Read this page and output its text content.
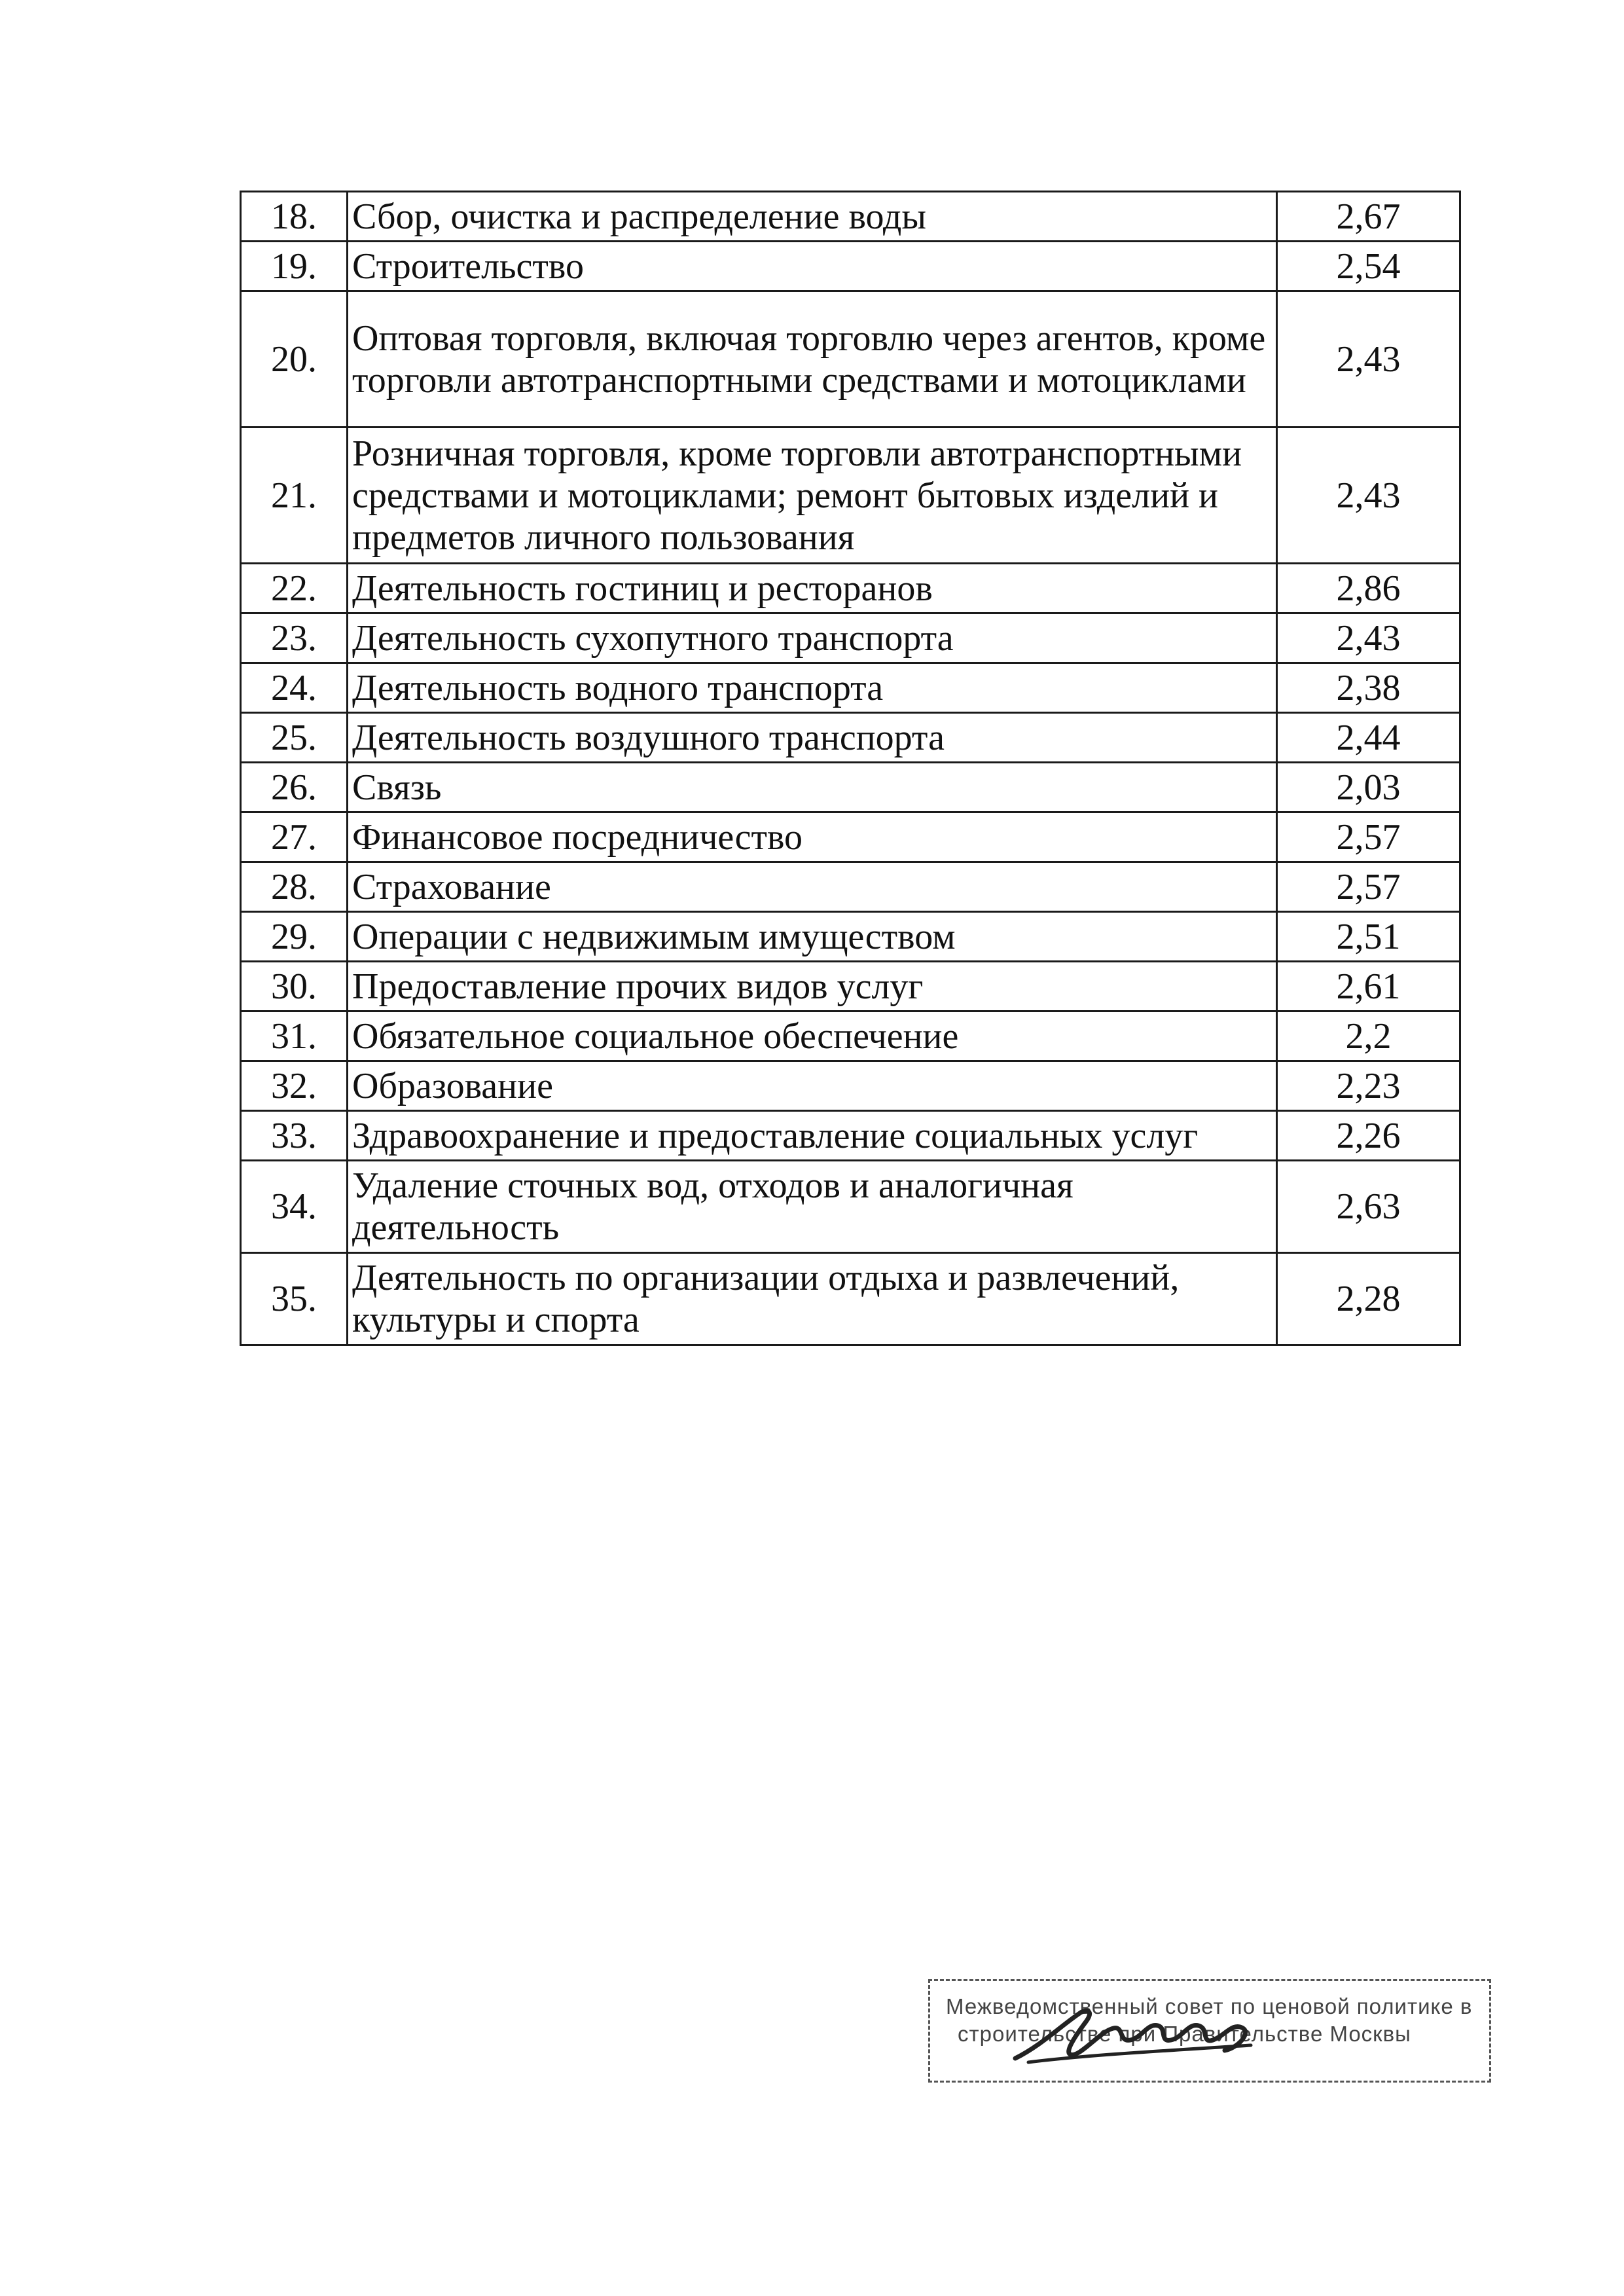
18.	Сбор, очистка и распределение воды	2,67
19.	Строительство	2,54
20.	Оптовая торговля, включая торговлю через агентов, кроме торговли автотранспортными средствами и мотоциклами	2,43
21.	Розничная торговля, кроме торговли автотранспортными средствами и мотоциклами; ремонт бытовых изделий и предметов личного пользования	2,43
22.	Деятельность гостиниц и ресторанов	2,86
23.	Деятельность сухопутного транспорта	2,43
24.	Деятельность водного транспорта	2,38
25.	Деятельность воздушного транспорта	2,44
26.	Связь	2,03
27.	Финансовое посредничество	2,57
28.	Страхование	2,57
29.	Операции с недвижимым имуществом	2,51
30.	Предоставление прочих видов услуг	2,61
31.	Обязательное социальное обеспечение	2,2
32.	Образование	2,23
33.	Здравоохранение и предоставление социальных услуг	2,26
34.	Удаление сточных вод, отходов и аналогичная деятельность	2,63
35.	Деятельность по организации отдыха и развлечений, культуры и спорта	2,28
Межведомственный совет по ценовой политике в
строительстве при Правительстве Москвы
